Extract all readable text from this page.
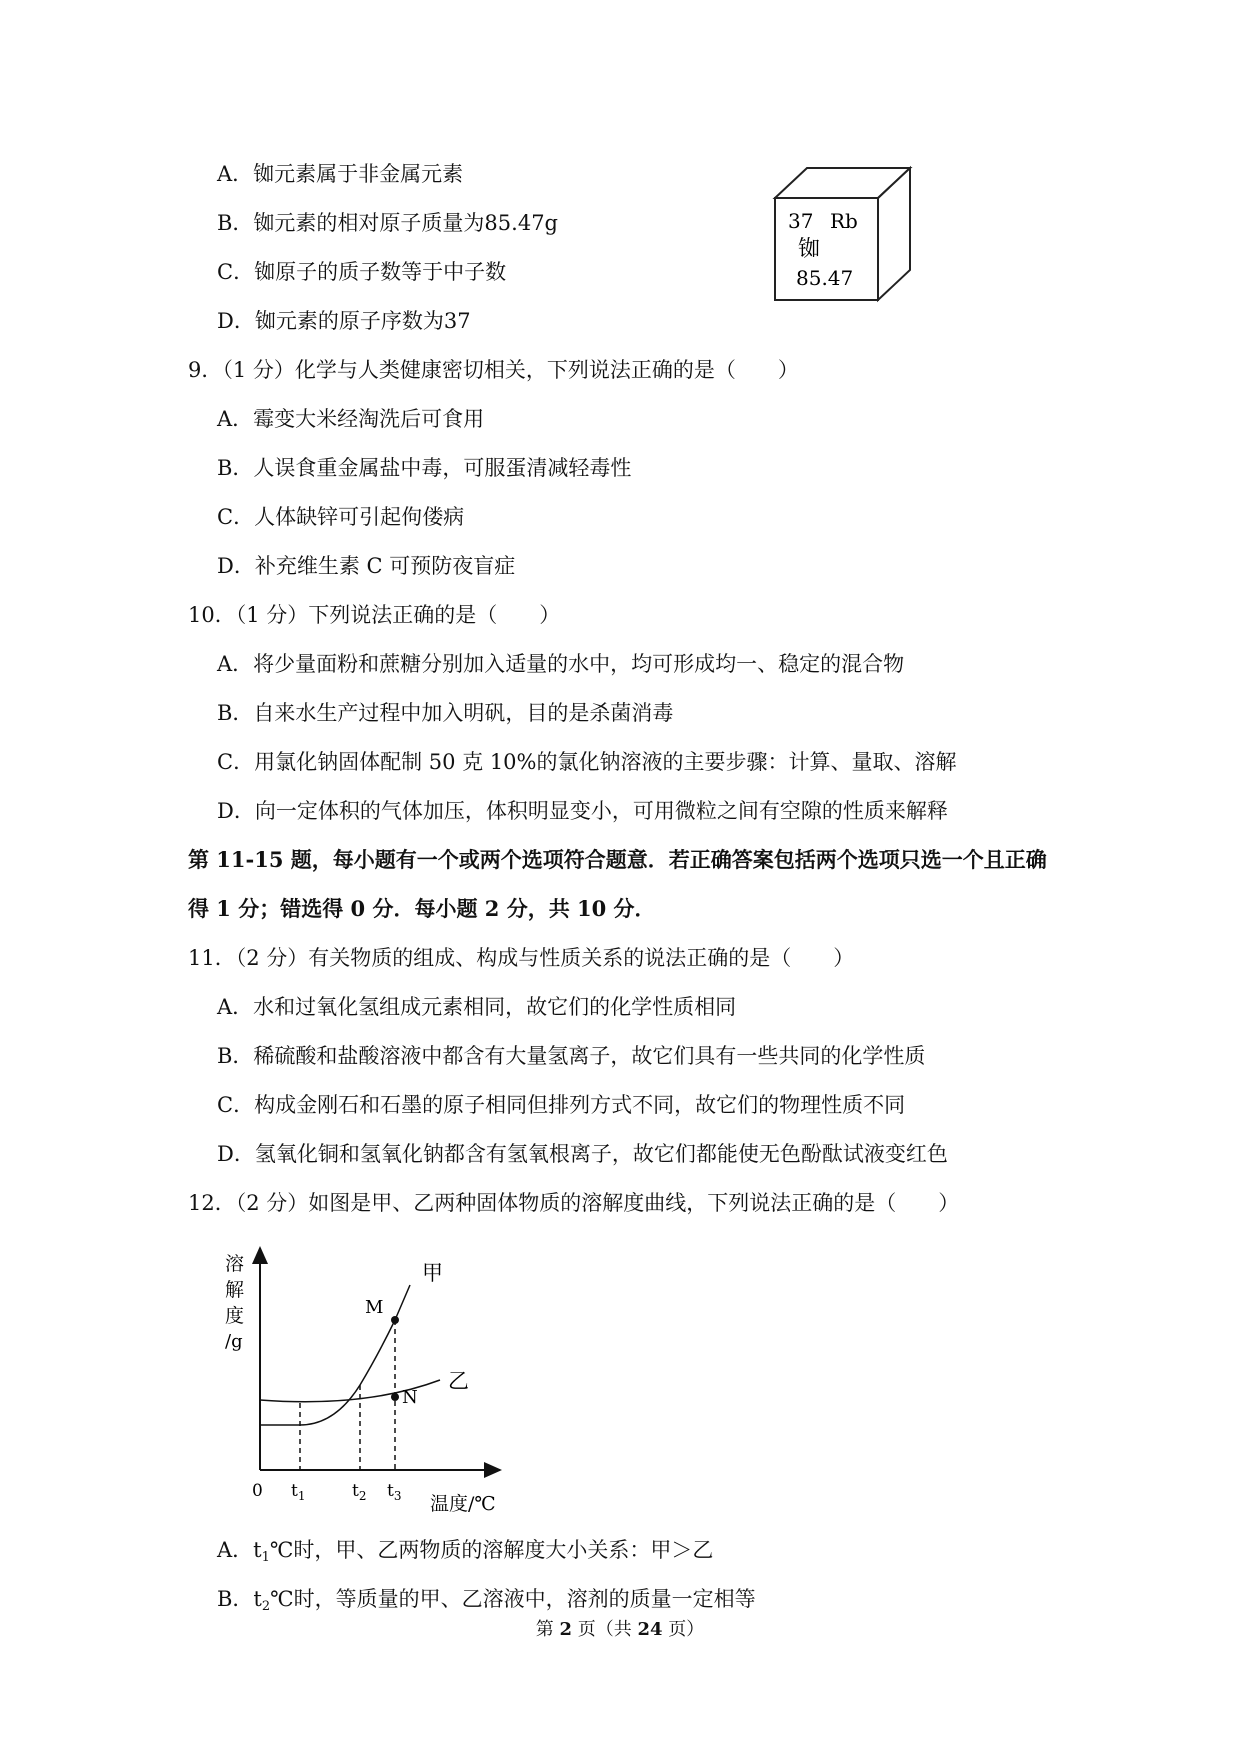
A．铷元素属于非金属元素
B．铷元素的相对原子质量为85.47g
C．铷原子的质子数等于中子数
D．铷元素的原子序数为37
37 Rb
铷
85.47
9．（1 分）化学与人类健康密切相关，下列说法正确的是（　　）
A．霉变大米经淘洗后可食用
B．人误食重金属盐中毒，可服蛋清减轻毒性
C．人体缺锌可引起佝偻病
D．补充维生素 C 可预防夜盲症
10．（1 分）下列说法正确的是（　　）
A．将少量面粉和蔗糖分别加入适量的水中，均可形成均一、稳定的混合物
B．自来水生产过程中加入明矾，目的是杀菌消毒
C．用氯化钠固体配制 50 克 10%的氯化钠溶液的主要步骤：计算、量取、溶解
D．向一定体积的气体加压，体积明显变小，可用微粒之间有空隙的性质来解释
第 11-15 题，每小题有一个或两个选项符合题意．若正确答案包括两个选项只选一个且正确
得 1 分；错选得 0 分．每小题 2 分，共 10 分．
11．（2 分）有关物质的组成、构成与性质关系的说法正确的是（　　）
A．水和过氧化氢组成元素相同，故它们的化学性质相同
B．稀硫酸和盐酸溶液中都含有大量氢离子，故它们具有一些共同的化学性质
C．构成金刚石和石墨的原子相同但排列方式不同，故它们的物理性质不同
D．氢氧化铜和氢氧化钠都含有氢氧根离子，故它们都能使无色酚酞试液变红色
12．（2 分）如图是甲、乙两种固体物质的溶解度曲线，下列说法正确的是（　　）
溶
解
度
/g
M
N
甲
乙
0 $t_1$	$t_2$ $t_3$ 温度/℃
A．$t_1℃$时，甲、乙两物质的溶解度大小关系：甲＞乙
B．$t_2℃$时，等质量的甲、乙溶液中，溶剂的质量一定相等
第 2 页（共 24 页）
